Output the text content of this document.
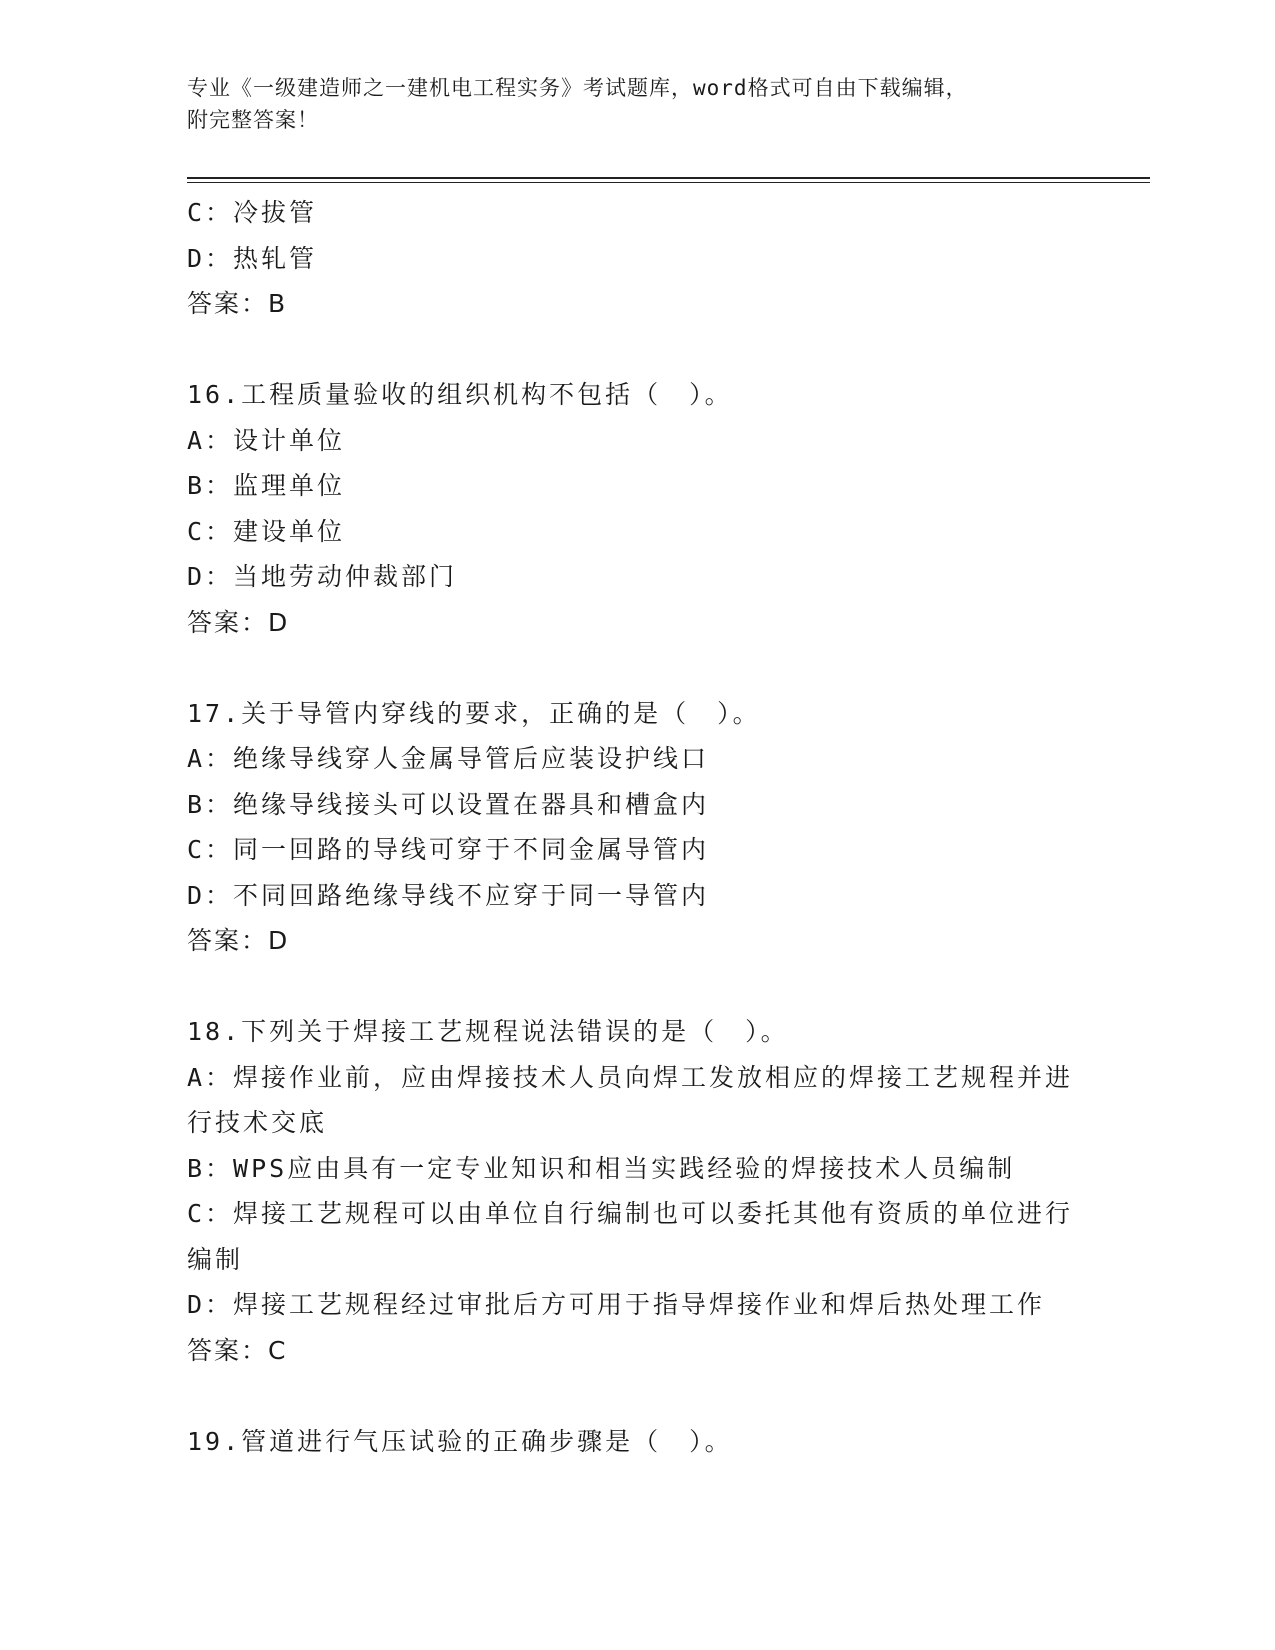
专业《一级建造师之一建机电工程实务》考试题库，word格式可自由下载编辑，
附完整答案！
C：冷拔管
D：热轧管
答案：B
16.工程质量验收的组织机构不包括（　）。
A：设计单位
B：监理单位
C：建设单位
D：当地劳动仲裁部门
答案：D
17.关于导管内穿线的要求，正确的是（　）。
A：绝缘导线穿人金属导管后应装设护线口
B：绝缘导线接头可以设置在器具和槽盒内
C：同一回路的导线可穿于不同金属导管内
D：不同回路绝缘导线不应穿于同一导管内
答案：D
18.下列关于焊接工艺规程说法错误的是（　）。
A：焊接作业前，应由焊接技术人员向焊工发放相应的焊接工艺规程并进行技术交底
B：WPS应由具有一定专业知识和相当实践经验的焊接技术人员编制
C：焊接工艺规程可以由单位自行编制也可以委托其他有资质的单位进行编制
D：焊接工艺规程经过审批后方可用于指导焊接作业和焊后热处理工作
答案：C
19.管道进行气压试验的正确步骤是（　）。
